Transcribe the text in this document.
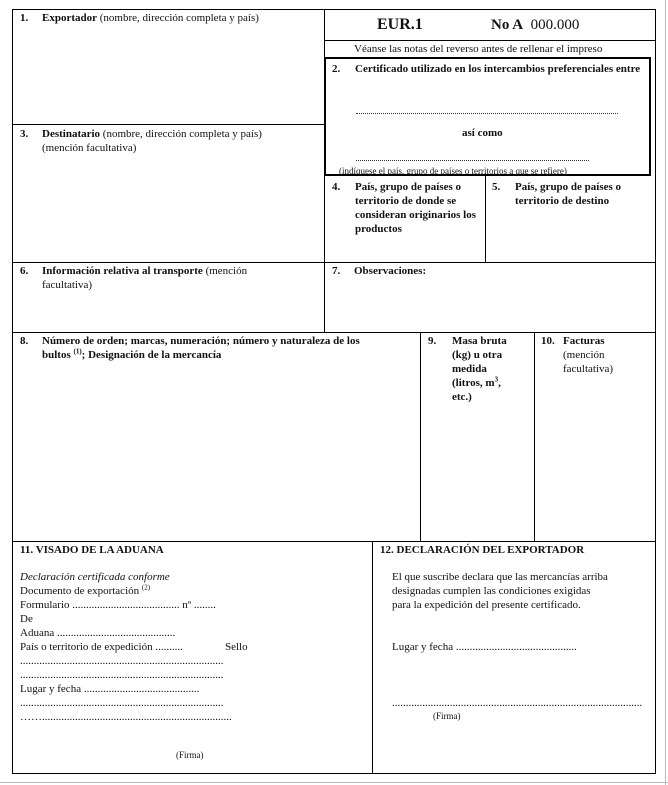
EUR.1	No A 000.000
Véanse las notas del reverso antes de rellenar el impreso
1. Exportador (nombre, dirección completa y país)
2.	Certificado utilizado en los intercambios preferenciales entre
así como
(indíquese el país, grupo de países o territorios a que se refiere)
3. Destinatario (nombre, dirección completa y país)
(mención facultativa)
4.	País, grupo de países o territorio de donde se consideran originarios los productos
5.	País, grupo de países o territorio de destino
6. Información relativa al transporte (mención
facultativa)
7. Observaciones:
8. Número de orden; marcas, numeración; número y naturaleza de los
bultos $^{(1)}$; Designación de la mercancía
9.	Masa bruta
(kg) u otra
medida
(litros, $m^3$,
etc.)
10. Facturas
(mención
facultativa)
11. VISADO DE LA ADUANA
Declaración certificada conforme
Documento de exportación $^{(2)}$
Formulario ....................................... nº ........
De
Aduana ...........................................
País o territorio de expedición ..........	Sello
..........................................................................
..........................................................................
Lugar y fecha ..........................................
..........................................................................
…….....................................................................
(Firma)
12. DECLARACIÓN DEL EXPORTADOR
El que suscribe declara que las mercancías arriba
designadas cumplen las condiciones exigidas
para la expedición del presente certificado.
Lugar y fecha ............................................
...........................................................................................
(Firma)
